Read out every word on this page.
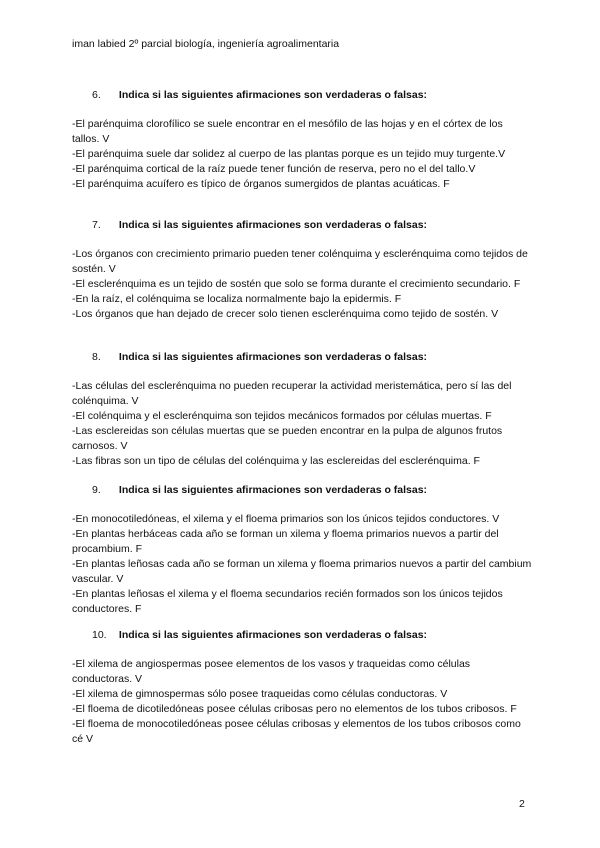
iman labied 2º parcial biología, ingeniería agroalimentaria
6. Indica si las siguientes afirmaciones son verdaderas o falsas:

-El parénquima clorofílico se suele encontrar en el mesófilo de las hojas y en el córtex de los tallos. V

-El parénquima suele dar solidez al cuerpo de las plantas porque es un tejido muy turgente.V

-El parénquima cortical de la raíz puede tener función de reserva, pero no el del tallo.V

-El parénquima acuífero es típico de órganos sumergidos de plantas acuáticas. F

7. Indica si las siguientes afirmaciones son verdaderas o falsas:

-Los órganos con crecimiento primario pueden tener colénquima y esclerénquima como tejidos de sostén. V

-El esclerénquima es un tejido de sostén que solo se forma durante el crecimiento secundario. F

-En la raíz, el colénquima se localiza normalmente bajo la epidermis. F

-Los órganos que han dejado de crecer solo tienen esclerénquima como tejido de sostén. V

8. Indica si las siguientes afirmaciones son verdaderas o falsas:

-Las células del esclerénquima no pueden recuperar la actividad meristemática, pero sí las del colénquima. V

-El colénquima y el esclerénquima son tejidos mecánicos formados por células muertas. F

-Las esclereidas son células muertas que se pueden encontrar en la pulpa de algunos frutos carnosos. V

-Las fibras son un tipo de células del colénquima y las esclereidas del esclerénquima. F

9. Indica si las siguientes afirmaciones son verdaderas o falsas:

-En monocotiledóneas, el xilema y el floema primarios son los únicos tejidos conductores. V

-En plantas herbáceas cada año se forman un xilema y floema primarios nuevos a partir del procambium. F

-En plantas leñosas cada año se forman un xilema y floema primarios nuevos a partir del cambium vascular. V

-En plantas leñosas el xilema y el floema secundarios recién formados son los únicos tejidos conductores. F

10. Indica si las siguientes afirmaciones son verdaderas o falsas:

-El xilema de angiospermas posee elementos de los vasos y traqueidas como células conductoras. V

-El xilema de gimnospermas sólo posee traqueidas como células conductoras. V

-El floema de dicotiledóneas posee células cribosas pero no elementos de los tubos cribosos. F

-El floema de monocotiledóneas posee células cribosas y elementos de los tubos cribosos como cé V

2
